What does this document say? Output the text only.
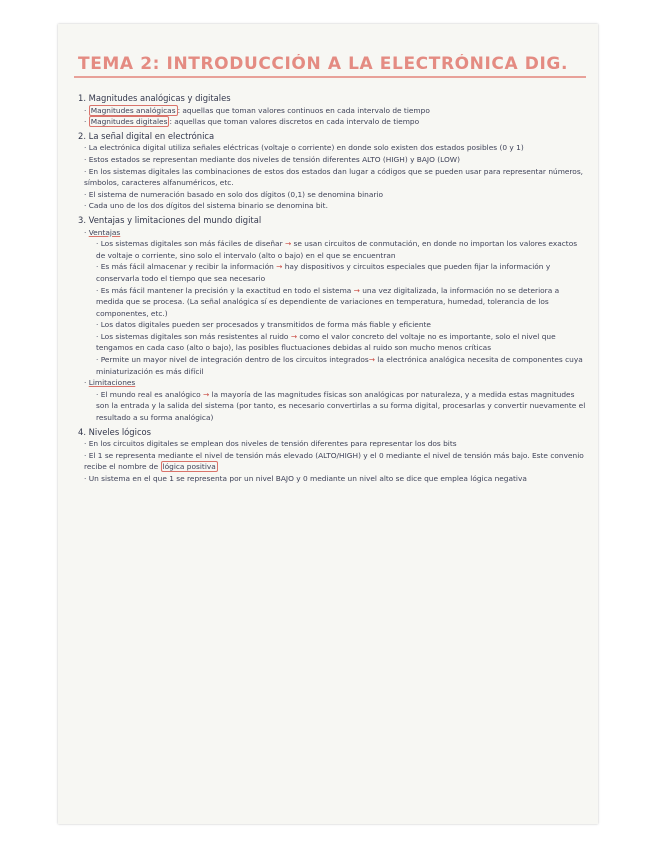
TEMA 2: INTRODUCCIÓN A LA ELECTRÓNICA DIG.

1. Magnitudes analógicas y digitales

· Magnitudes analógicas : aquellas que toman valores continuos en cada intervalo de tiempo

· Magnitudes digitales : aquellas que toman valores discretos en cada intervalo de tiempo

2. La señal digital en electrónica

· La electrónica digital utiliza señales eléctricas (voltaje o corriente) en donde solo existen dos estados posibles (0 y 1)

· Estos estados se representan mediante dos niveles de tensión diferentes ALTO (HIGH) y BAJO (LOW)

· En los sistemas digitales las combinaciones de estos dos estados dan lugar a códigos que se pueden usar para representar números, símbolos, caracteres alfanuméricos, etc.

· El sistema de numeración basado en solo dos dígitos (0,1) se denomina binario

· Cada uno de los dos dígitos del sistema binario se denomina bit.

3. Ventajas y limitaciones del mundo digital

· Ventajas

· Los sistemas digitales son más fáciles de diseñar → se usan circuitos de conmutación, en donde no importan los valores exactos de voltaje o corriente, sino solo el intervalo (alto o bajo) en el que se encuentran

· Es más fácil almacenar y recibir la información → hay dispositivos y circuitos especiales que pueden fijar la información y conservarla todo el tiempo que sea necesario

· Es más fácil mantener la precisión y la exactitud en todo el sistema → una vez digitalizada, la información no se deteriora a medida que se procesa. (La señal analógica sí es dependiente de variaciones en temperatura, humedad, tolerancia de los componentes, etc.)

· Los datos digitales pueden ser procesados y transmitidos de forma más fiable y eficiente

· Los sistemas digitales son más resistentes al ruido → como el valor concreto del voltaje no es importante, solo el nivel que tengamos en cada caso (alto o bajo), las posibles fluctuaciones debidas al ruido son mucho menos críticas

· Permite un mayor nivel de integración dentro de los circuitos integrados→ la electrónica analógica necesita de componentes cuya miniaturización es más difícil

· Limitaciones

· El mundo real es analógico → la mayoría de las magnitudes físicas son analógicas por naturaleza, y a medida estas magnitudes son la entrada y la salida del sistema (por tanto, es necesario convertirlas a su forma digital, procesarlas y convertir nuevamente el resultado a su forma analógica)

4. Niveles lógicos

· En los circuitos digitales se emplean dos niveles de tensión diferentes para representar los dos bits

· El 1 se representa mediante el nivel de tensión más elevado (ALTO/HIGH) y el 0 mediante el nivel de tensión más bajo. Este convenio recibe el nombre de lógica positiva

· Un sistema en el que 1 se representa por un nivel BAJO y 0 mediante un nivel alto se dice que emplea lógica negativa
